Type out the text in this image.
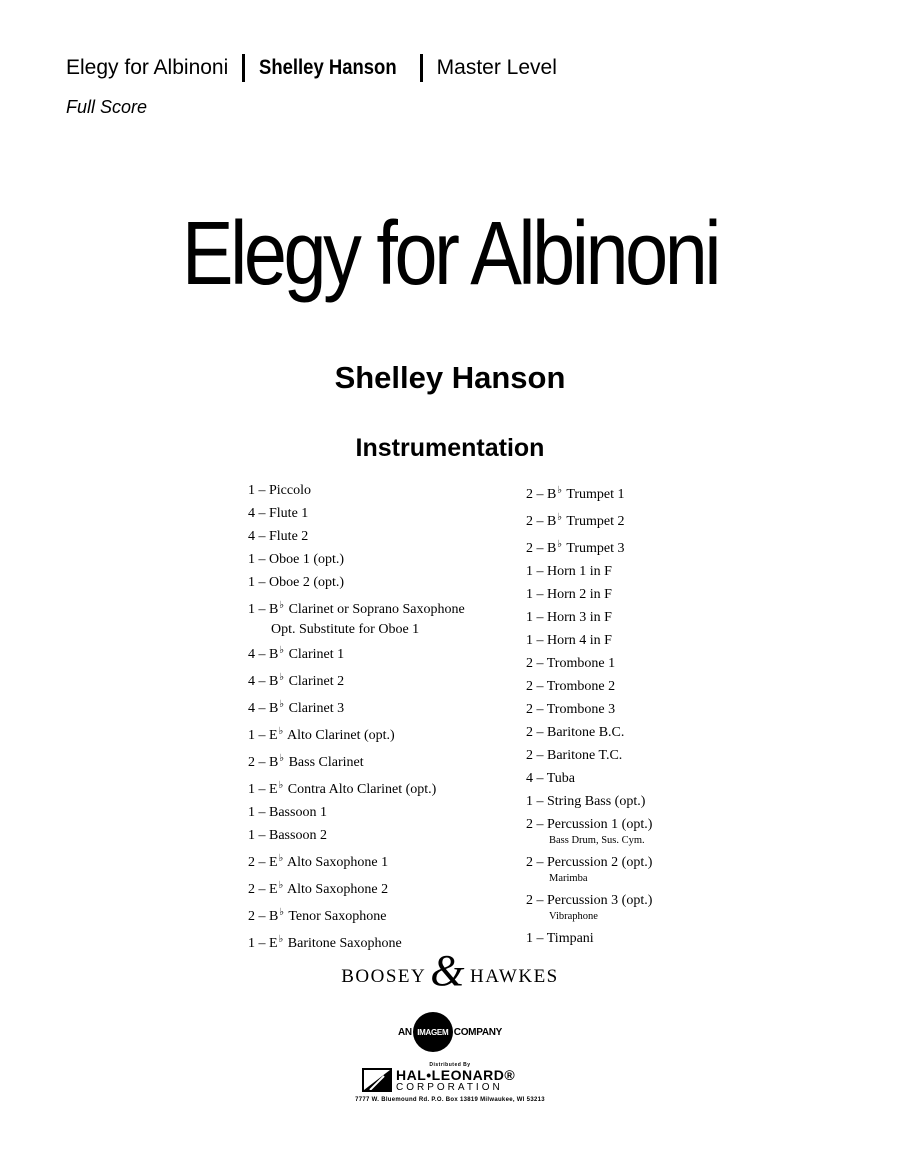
Elegy for Albinoni Shelley Hanson Master Level
Full Score
Elegy for Albinoni
Shelley Hanson
Instrumentation
1 – Piccolo
4 – Flute 1
4 – Flute 2
1 – Oboe 1 (opt.)
1 – Oboe 2 (opt.)
1 – B♭ Clarinet or Soprano Saxophone
Opt. Substitute for Oboe 1
4 – B♭ Clarinet 1
4 – B♭ Clarinet 2
4 – B♭ Clarinet 3
1 – E♭ Alto Clarinet (opt.)
2 – B♭ Bass Clarinet
1 – E♭ Contra Alto Clarinet (opt.)
1 – Bassoon 1
1 – Bassoon 2
2 – E♭ Alto Saxophone 1
2 – E♭ Alto Saxophone 2
2 – B♭ Tenor Saxophone
1 – E♭ Baritone Saxophone
2 – B♭ Trumpet 1
2 – B♭ Trumpet 2
2 – B♭ Trumpet 3
1 – Horn 1 in F
1 – Horn 2 in F
1 – Horn 3 in F
1 – Horn 4 in F
2 – Trombone 1
2 – Trombone 2
2 – Trombone 3
2 – Baritone B.C.
2 – Baritone T.C.
4 – Tuba
1 – String Bass (opt.)
2 – Percussion 1 (opt.)
Bass Drum, Sus. Cym.
2 – Percussion 2 (opt.)
Marimba
2 – Percussion 3 (opt.)
Vibraphone
1 – Timpani
BOOSEY & HAWKES
AN IMAGEM COMPANY
Distributed By
HAL•LEONARD®
CORPORATION
7777 W. Bluemound Rd. P.O. Box 13819 Milwaukee, WI 53213
